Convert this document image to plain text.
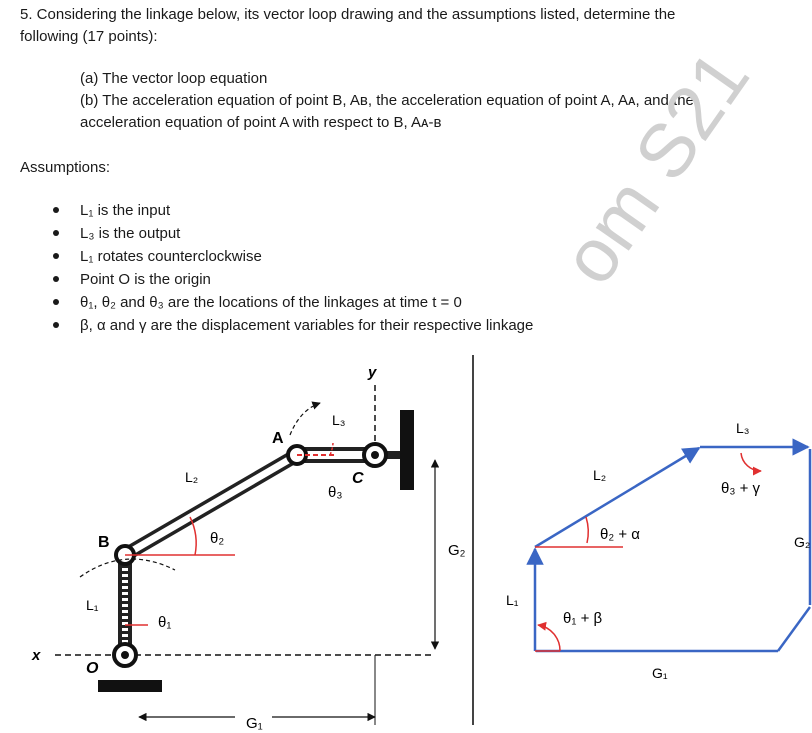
5. Considering the linkage below, its vector loop drawing and the assumptions listed, determine the
following (17 points):
(a) The vector loop equation
(b) The acceleration equation of point B, Aʙ, the acceleration equation of point A, Aᴀ, and the
acceleration equation of point A with respect to B, Aᴀ-ʙ
Assumptions:
L₁ is the input
L₃ is the output
L₁ rotates counterclockwise
Point O is the origin
θ₁, θ₂ and θ₃ are the locations of the linkages at time t = 0
β, α and γ are the displacement variables for their respective linkage
om S21
x
y
O
B
A
C
L₁
L₂
L₃
θ₁
θ₂
θ₃
G₂
G₁
L₁
L₂
L₃
G₁
G₂
θ₁ + β
θ₂ + α
θ₃ + γ
